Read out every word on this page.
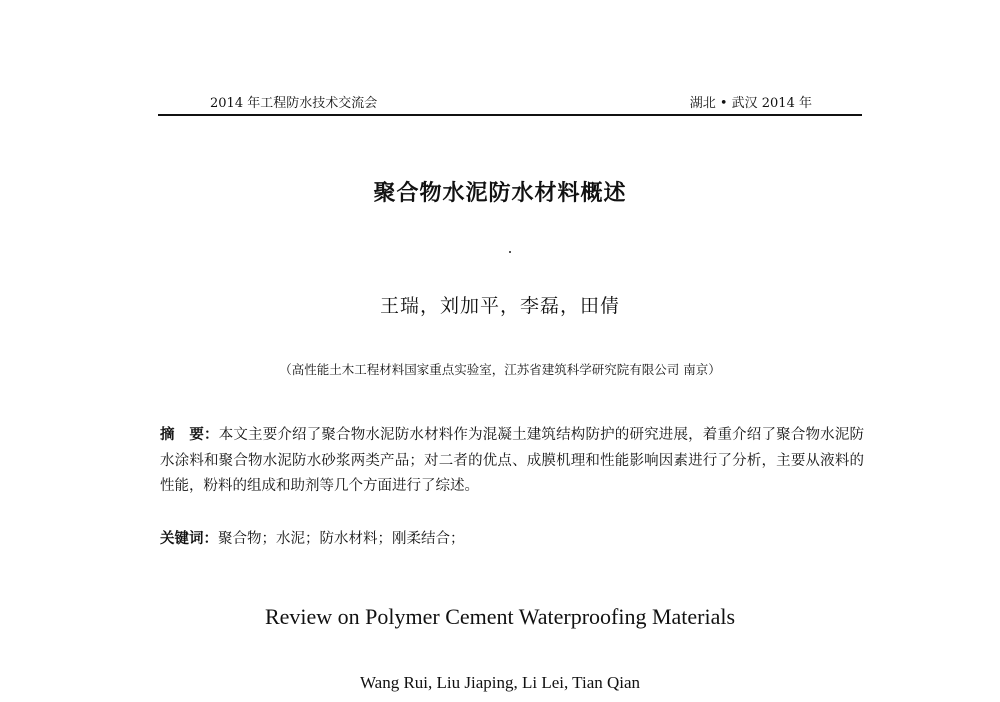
2014 年工程防水技术交流会	湖北 • 武汉 2014 年
聚合物水泥防水材料概述
王瑞，刘加平，李磊，田倩
（高性能土木工程材料国家重点实验室，江苏省建筑科学研究院有限公司 南京）
摘　要：本文主要介绍了聚合物水泥防水材料作为混凝土建筑结构防护的研究进展，着重介绍了聚合物水泥防水涂料和聚合物水泥防水砂浆两类产品；对二者的优点、成膜机理和性能影响因素进行了分析，主要从液料的性能，粉料的组成和助剂等几个方面进行了综述。
关键词：聚合物；水泥；防水材料；刚柔结合；
Review on Polymer Cement Waterproofing Materials
Wang Rui, Liu Jiaping, Li Lei, Tian Qian
